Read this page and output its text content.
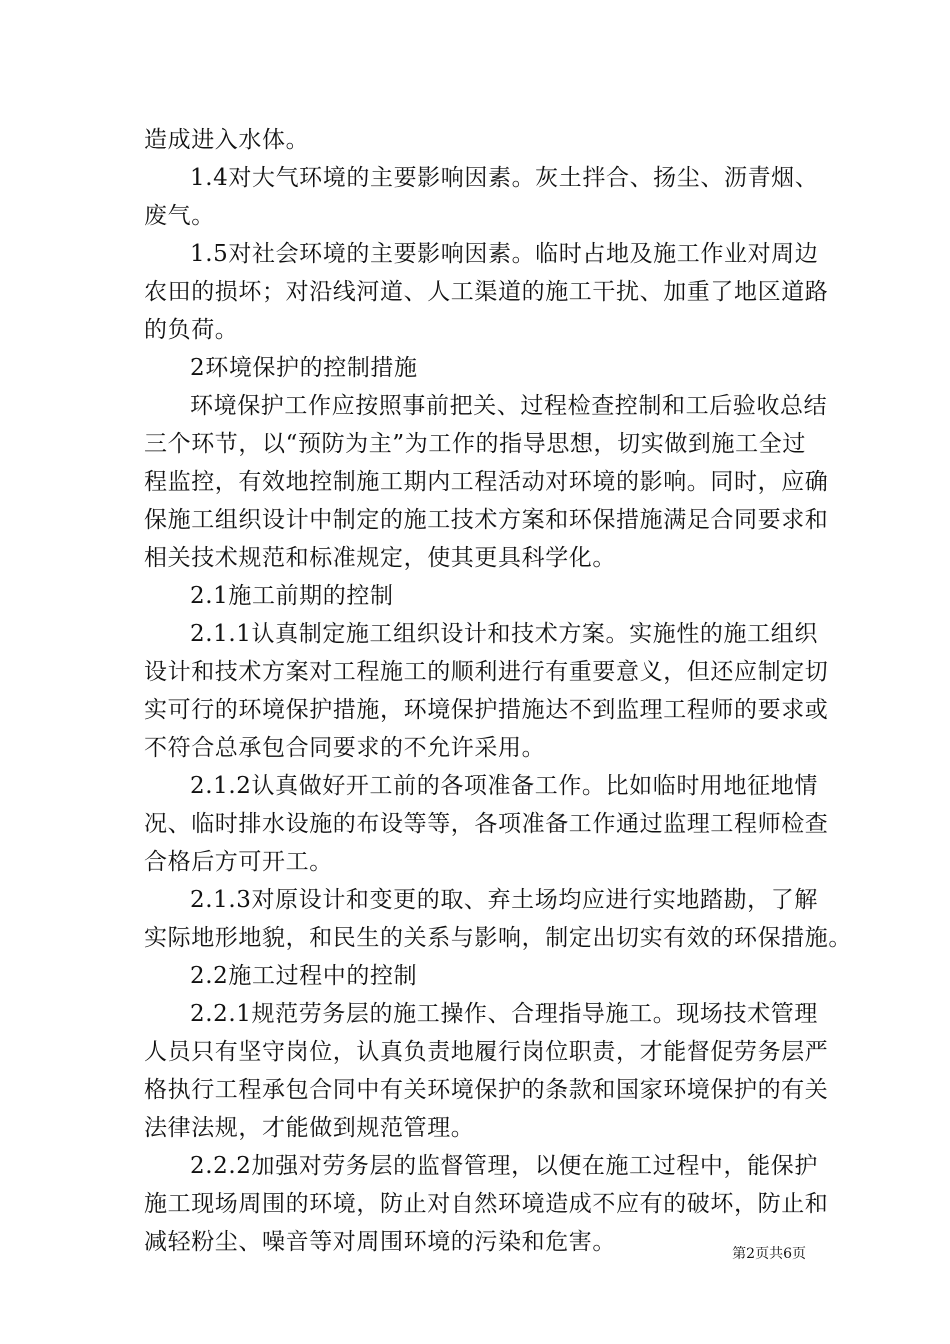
造成进入水体。
1.4对大气环境的主要影响因素。灰土拌合、扬尘、沥青烟、
废气。
1.5对社会环境的主要影响因素。临时占地及施工作业对周边
农田的损坏；对沿线河道、人工渠道的施工干扰、加重了地区道路
的负荷。
2环境保护的控制措施
环境保护工作应按照事前把关、过程检查控制和工后验收总结
三个环节，以“预防为主”为工作的指导思想，切实做到施工全过
程监控，有效地控制施工期内工程活动对环境的影响。同时，应确
保施工组织设计中制定的施工技术方案和环保措施满足合同要求和
相关技术规范和标准规定，使其更具科学化。
2.1施工前期的控制
2.1.1认真制定施工组织设计和技术方案。实施性的施工组织
设计和技术方案对工程施工的顺利进行有重要意义，但还应制定切
实可行的环境保护措施，环境保护措施达不到监理工程师的要求或
不符合总承包合同要求的不允许采用。
2.1.2认真做好开工前的各项准备工作。比如临时用地征地情
况、临时排水设施的布设等等，各项准备工作通过监理工程师检查
合格后方可开工。
2.1.3对原设计和变更的取、弃土场均应进行实地踏勘，了解
实际地形地貌，和民生的关系与影响，制定出切实有效的环保措施。
2.2施工过程中的控制
2.2.1规范劳务层的施工操作、合理指导施工。现场技术管理
人员只有坚守岗位，认真负责地履行岗位职责，才能督促劳务层严
格执行工程承包合同中有关环境保护的条款和国家环境保护的有关
法律法规，才能做到规范管理。
2.2.2加强对劳务层的监督管理，以便在施工过程中，能保护
施工现场周围的环境，防止对自然环境造成不应有的破坏，防止和
减轻粉尘、噪音等对周围环境的污染和危害。	第2页共6页
